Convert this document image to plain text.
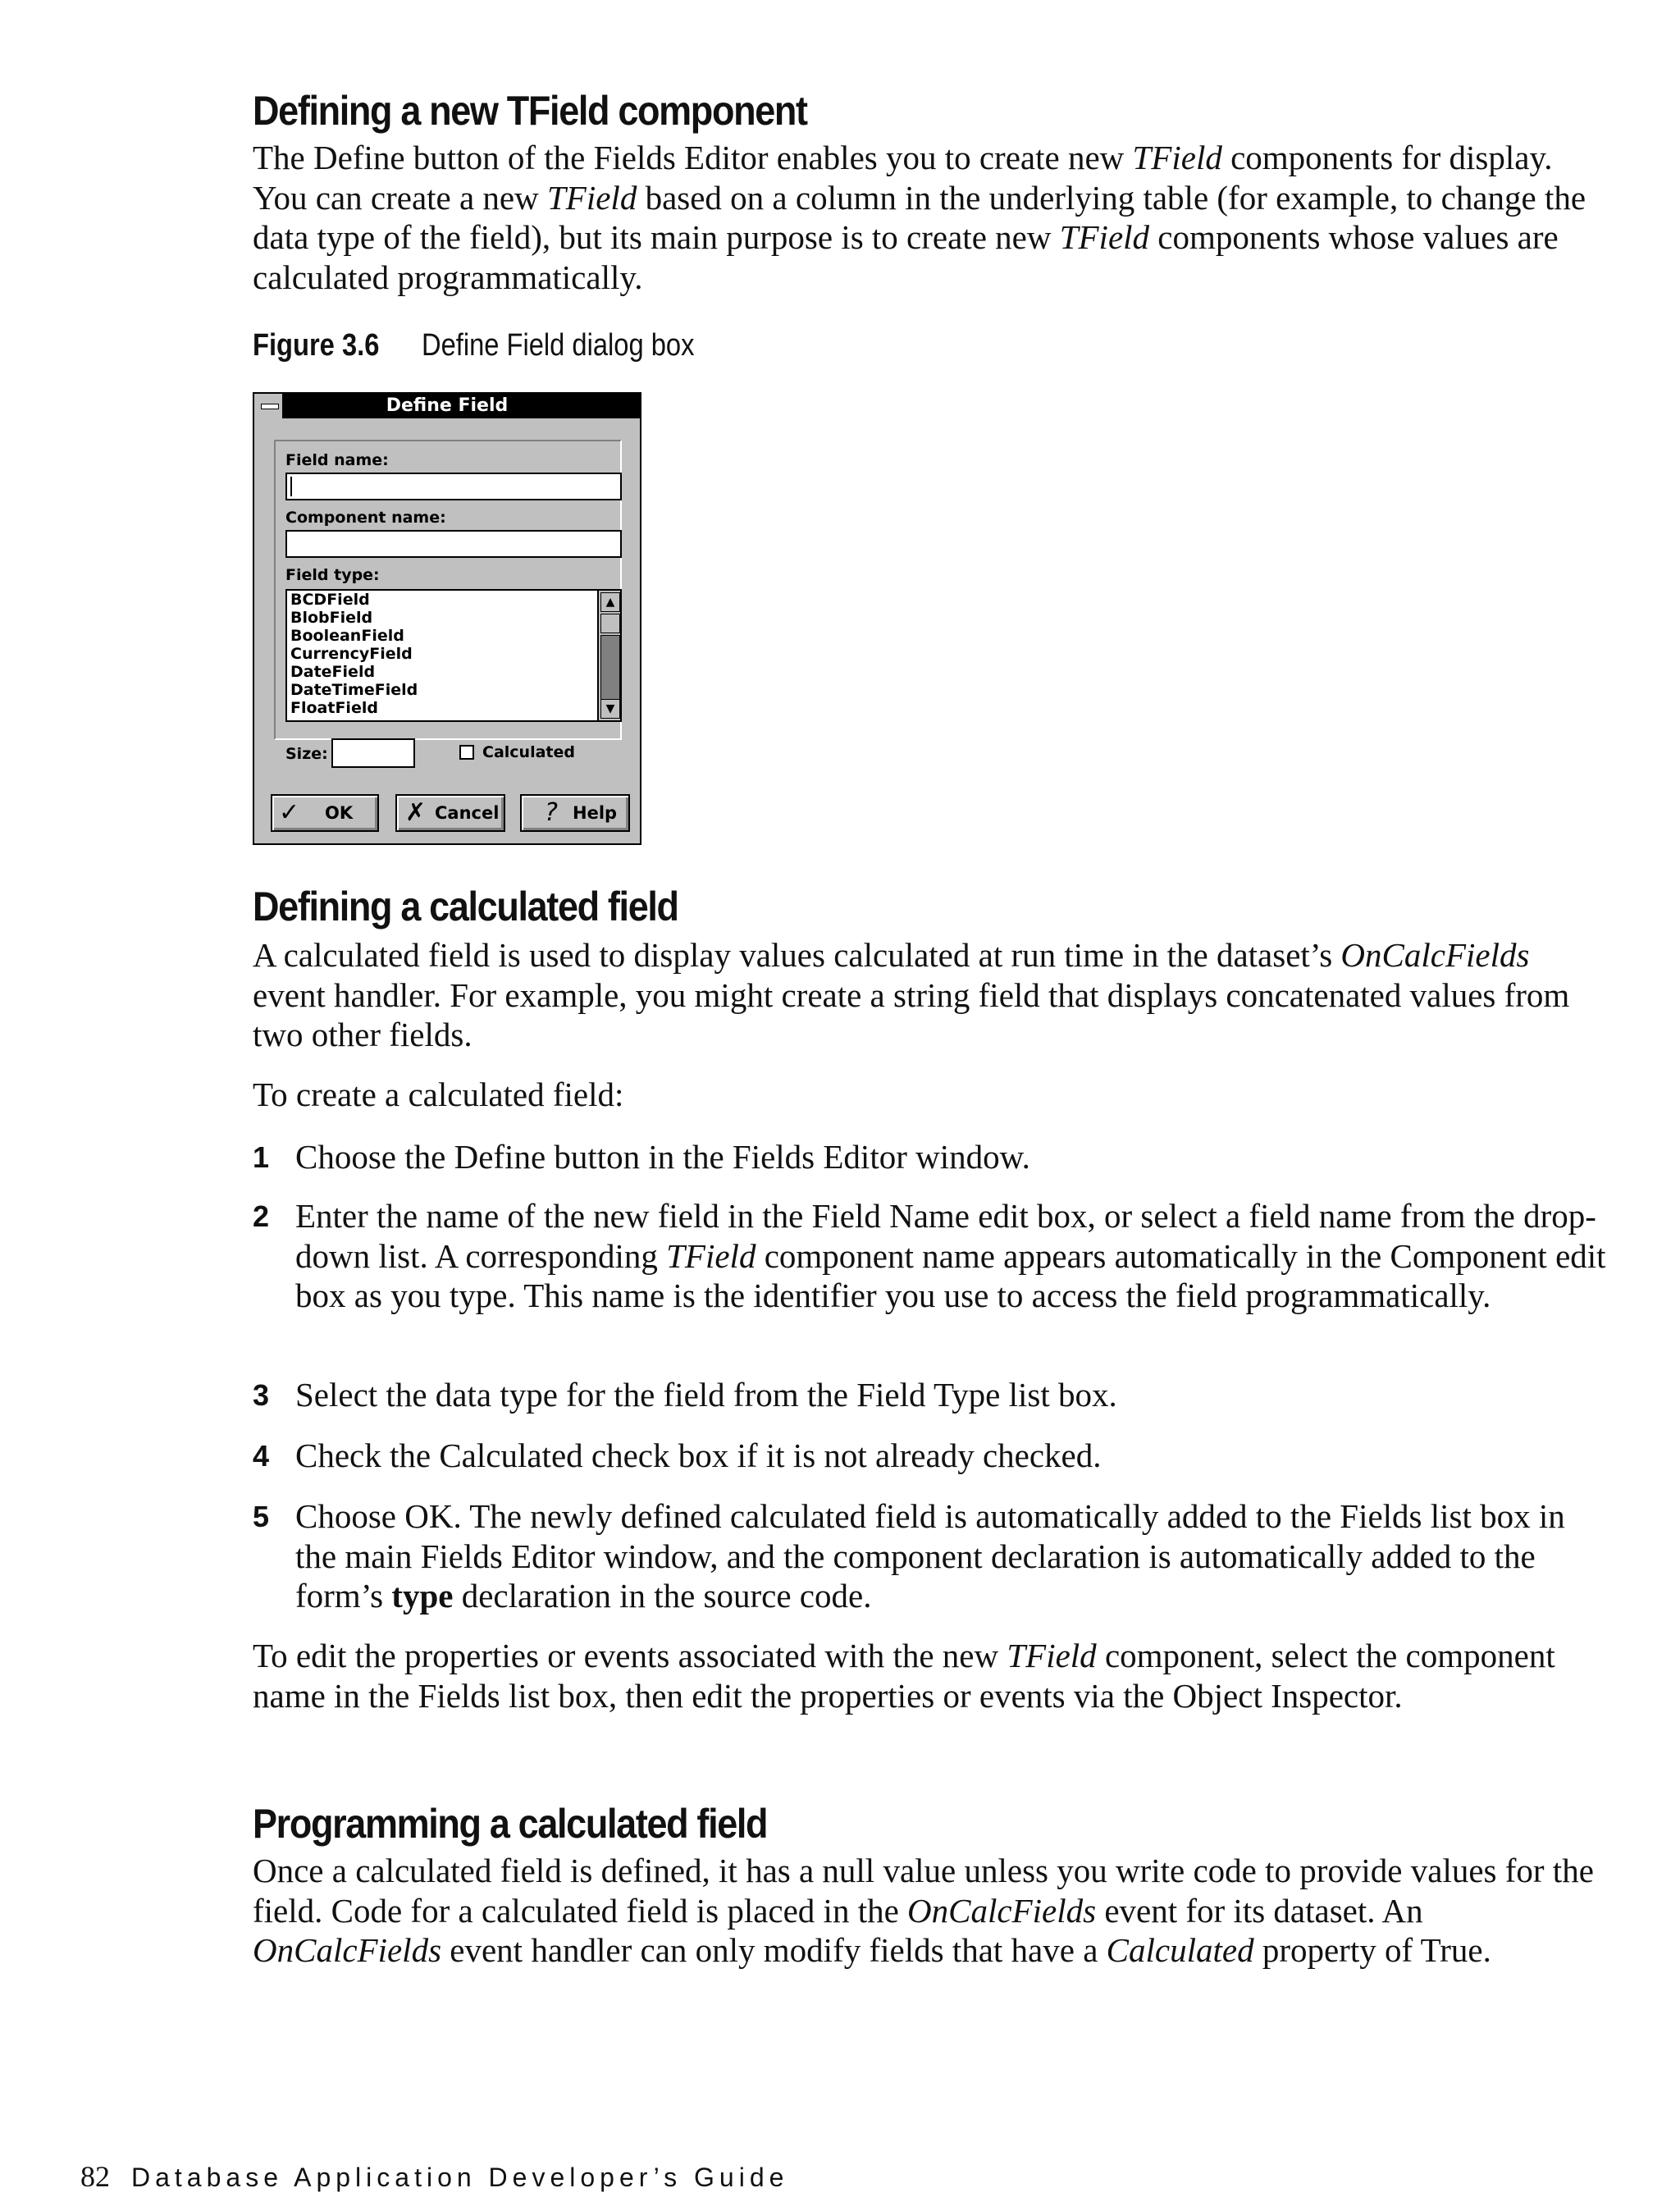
Defining a new TField component
The Define button of the Fields Editor enables you to create new TField components for display. You can create a new TField based on a column in the underlying table (for example, to change the data type of the field), but its main purpose is to create new TField components whose values are calculated programmatically.
Figure 3.6 Define Field dialog box
Define Field
Field name:
Component name:
Field type:
BCDField
BlobField
BooleanField
CurrencyField
DateField
DateTimeField
FloatField
▲
▼
Size:	Calculated
✓ OK ✗ Cancel ? Help
Defining a calculated field
A calculated field is used to display values calculated at run time in the dataset’s OnCalcFields event handler. For example, you might create a string field that displays concatenated values from two other fields.
To create a calculated field:
1 Choose the Define button in the Fields Editor window.
2 Enter the name of the new field in the Field Name edit box, or select a field name from the drop-down list. A corresponding TField component name appears automatically in the Component edit box as you type. This name is the identifier you use to access the field programmatically.
3 Select the data type for the field from the Field Type list box.
4 Check the Calculated check box if it is not already checked.
5 Choose OK. The newly defined calculated field is automatically added to the Fields list box in the main Fields Editor window, and the component declaration is automatically added to the form’s type declaration in the source code.
To edit the properties or events associated with the new TField component, select the component name in the Fields list box, then edit the properties or events via the Object Inspector.
Programming a calculated field
Once a calculated field is defined, it has a null value unless you write code to provide values for the field. Code for a calculated field is placed in the OnCalcFields event for its dataset. An OnCalcFields event handler can only modify fields that have a Calculated property of True.
82 Database Application Developer’s Guide
